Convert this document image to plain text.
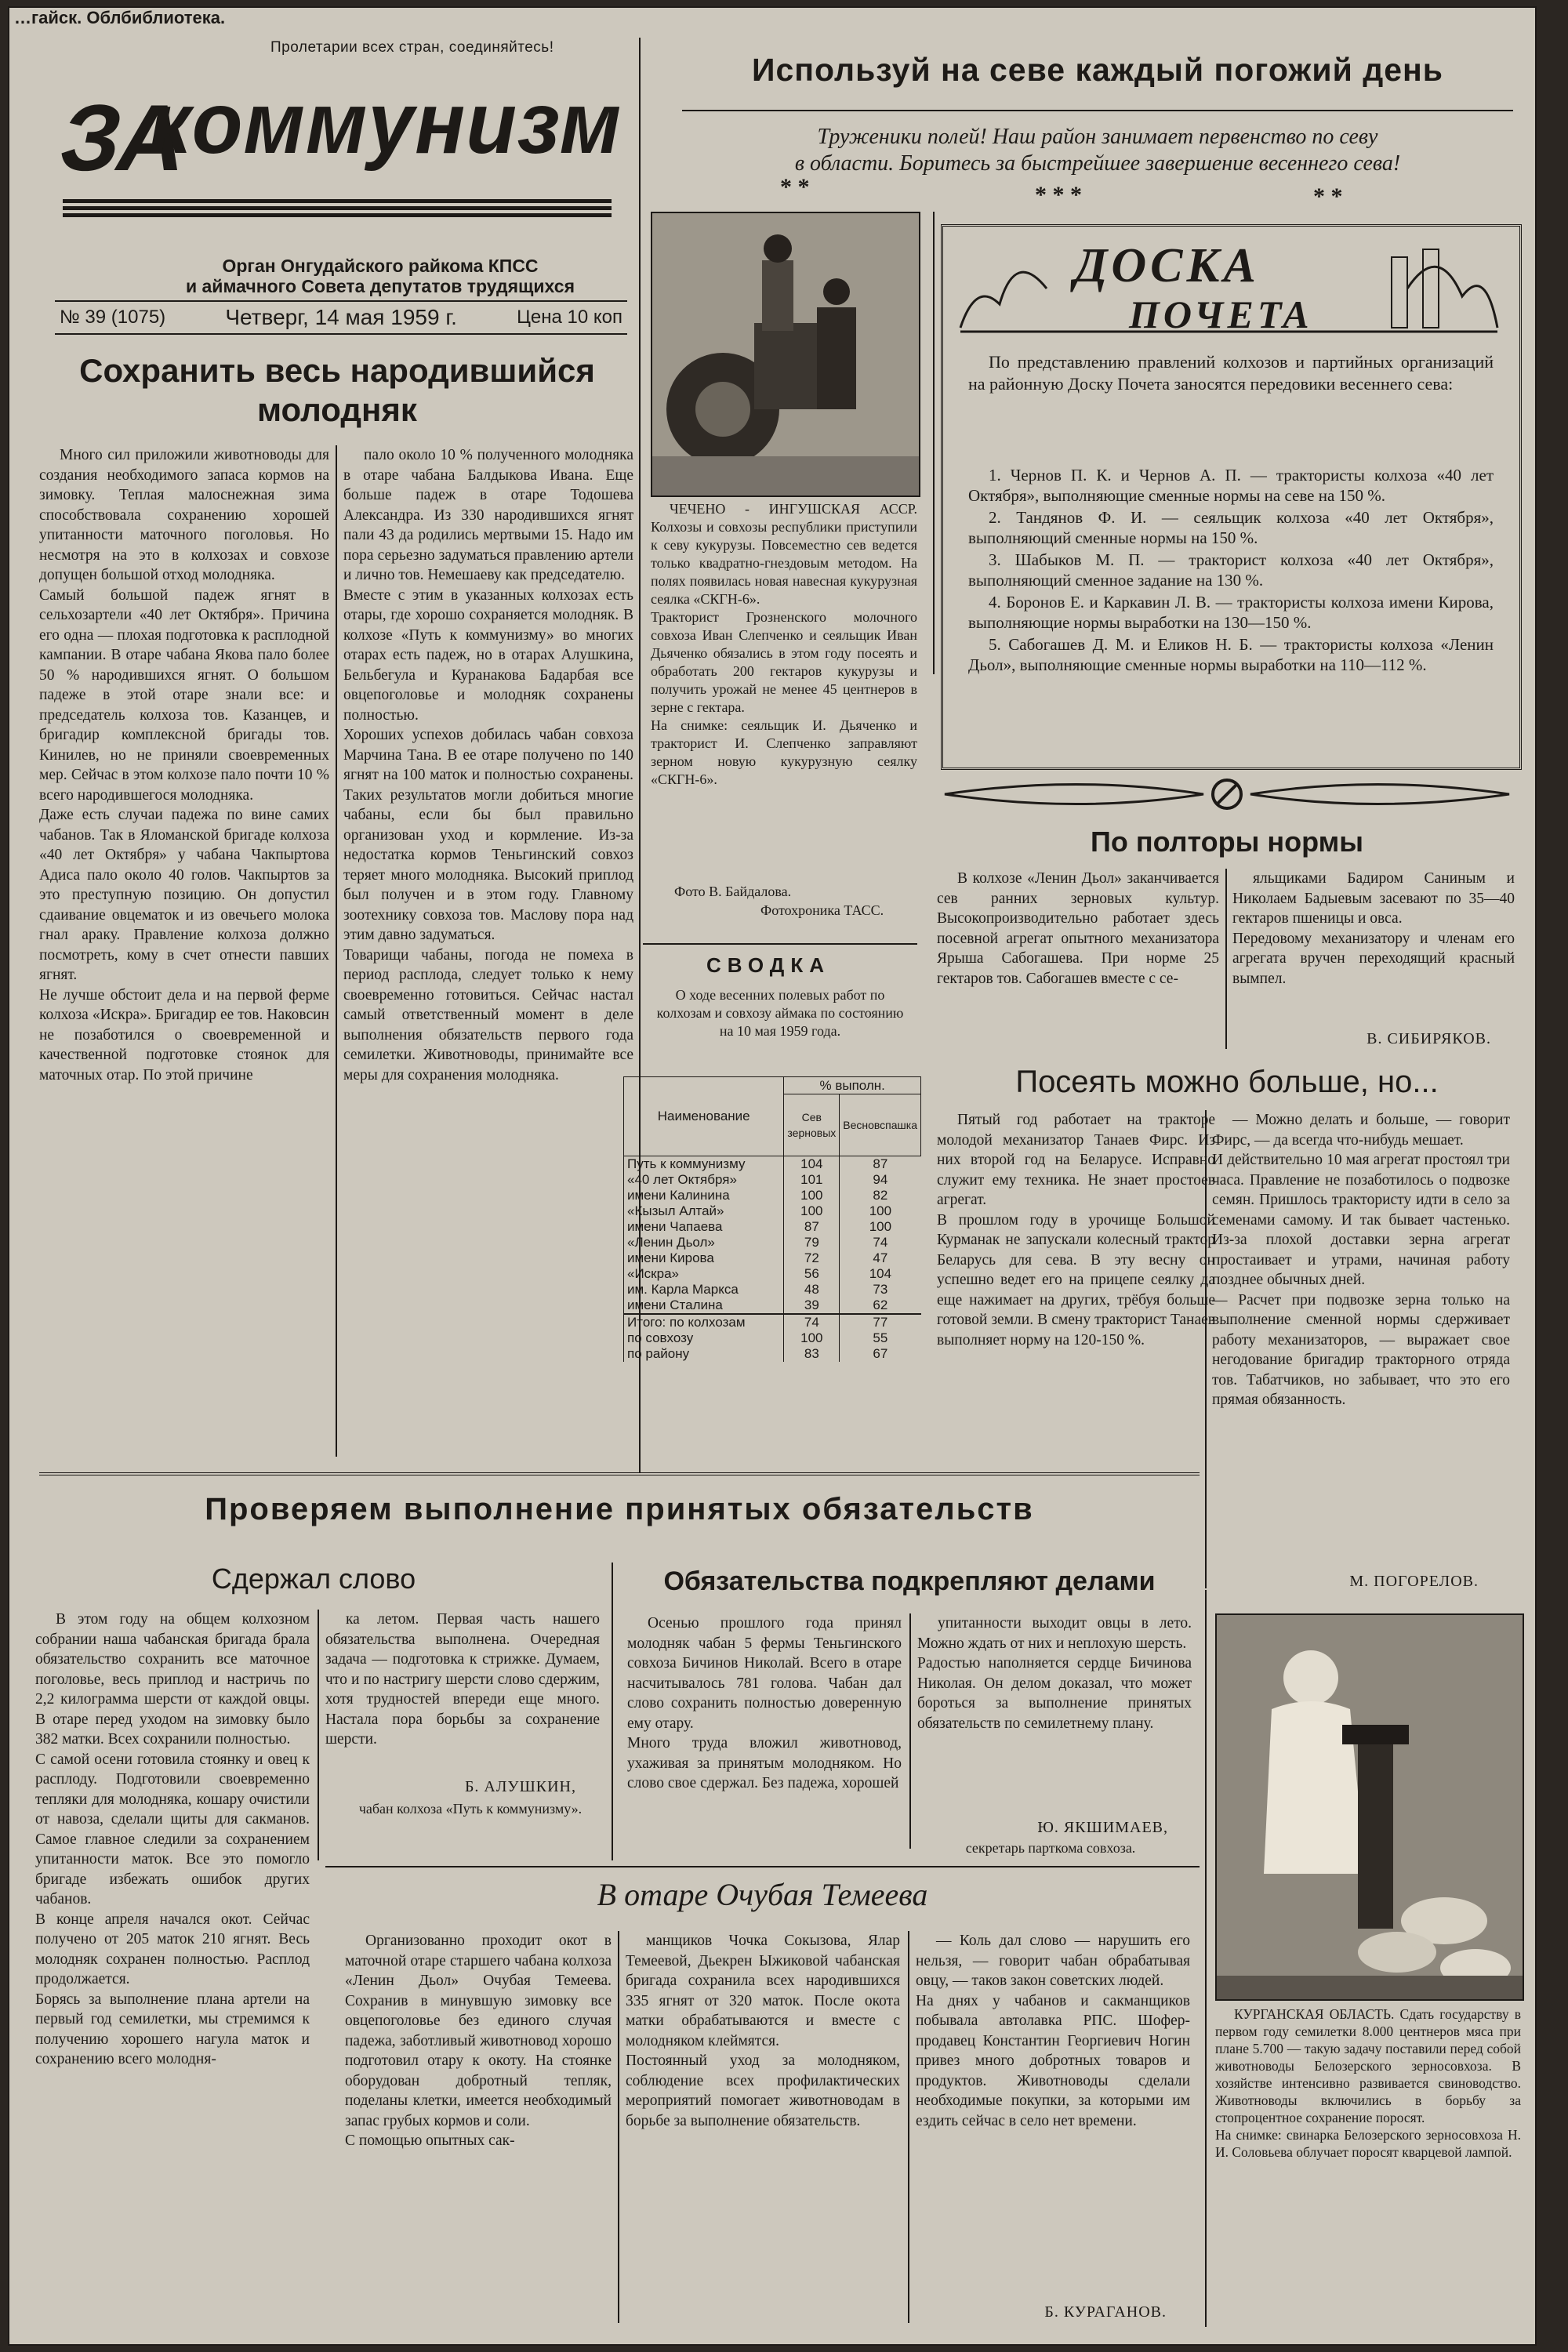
…гайск. Облбиблиотека.
Пролетарии всех стран, соединяйтесь!
ЗА
коммунизм
Орган Онгудайского райкома КПСС
и аймачного Совета депутатов трудящихся
№ 39 (1075)	Четверг, 14 мая 1959 г.	Цена 10 коп
Используй на севе каждый погожий день
Труженики полей! Наш район занимает первенство по севу
в области. Боритесь за быстрейшее завершение весеннего сева!
* *	* * *	* *
Сохранить весь народившийся молодняк
Много сил приложили животноводы для создания необходимого запаса кормов на зимовку. Теплая малоснежная зима способствовала сохранению хорошей упитанности маточного поголовья. Но несмотря на это в колхозах и совхозе допущен большой отход молодняка.
Самый большой падеж ягнят в сельхозартели «40 лет Октября». Причина его одна — плохая подготовка к расплодной кампании. В отаре чабана Якова пало более 50 % народившихся ягнят. О большом падеже в этой отаре знали все: и председатель колхоза тов. Казанцев, и бригадир комплексной бригады тов. Кинилев, но не приняли своевременных мер. Сейчас в этом колхозе пало почти 10 % всего народившегося молодняка.
Даже есть случаи падежа по вине самих чабанов. Так в Яломанской бригаде колхоза «40 лет Октября» у чабана Чакпыртова Адиса пало около 40 голов. Чакпыртов за это преступную позицию. Он допустил сдаивание овцематок и из овечьего молока гнал араку. Правление колхоза должно посмотреть, кому в счет отнести павших ягнят.
Не лучше обстоит дела и на первой ферме колхоза «Искра». Бригадир ее тов. Наковсин не позаботился о своевременной и качественной подготовке стоянок для маточных отар. По этой причине
пало около 10 % полученного молодняка в отаре чабана Балдыкова Ивана. Еще больше падеж в отаре Тодошева Александра. Из 330 народившихся ягнят пали 43 да родились мертвыми 15. Надо им пора серьезно задуматься правлению артели и лично тов. Немешаеву как председателю.
Вместе с этим в указанных колхозах есть отары, где хорошо сохраняется молодняк. В колхозе «Путь к коммунизму» во многих отарах есть падеж, но в отарах Алушкина, Бельбегула и Куранакова Бадарбая все овцепоголовье и молодняк сохранены полностью.
Хороших успехов добилась чабан совхоза Марчина Тана. В ее отаре получено по 140 ягнят на 100 маток и полностью сохранены. Таких результатов могли добиться многие чабаны, если бы был правильно организован уход и кормление. Из-за недостатка кормов Теньгинский совхоз теряет много молодняка. Высокий приплод был получен и в этом году. Главному зоотехнику совхоза тов. Маслову пора над этим давно задуматься.
Товарищи чабаны, погода не помеха в период расплода, следует только к нему своевременно готовиться. Сейчас настал самый ответственный момент в деле выполнения обязательств первого года семилетки. Животноводы, принимайте все меры для сохранения молодняка.
ЧЕЧЕНО - ИНГУШСКАЯ АССР. Колхозы и совхозы республики приступили к севу кукурузы. Повсеместно сев ведется только квадратно-гнездовым методом. На полях появилась новая навесная кукурузная сеялка «СКГН-6».
Тракторист Грозненского молочного совхоза Иван Слепченко и сеяльщик Иван Дьяченко обязались в этом году посеять и обработать 200 гектаров кукурузы и получить урожай не менее 45 центнеров в зерне с гектара.
На снимке: сеяльщик И. Дьяченко и тракторист И. Слепченко заправляют зерном новую кукурузную сеялку «СКГН-6».
Фото В. Байдалова.
Фотохроника ТАСС.
СВОДКА
О ходе весенних полевых работ по колхозам и совхозу аймака по состоянию на 10 мая 1959 года.
Наименование	% выполн.	
	Сев зерновых	Весновспашка
Путь к коммунизму	104	87
«40 лет Октября»	101	94
имени Калинина	100	82
«Кызыл Алтай»	100	100
имени Чапаева	87	100
«Ленин Дьол»	79	74
имени Кирова	72	47
«Искра»	56	104
им. Карла Маркса	48	73
имени Сталина	39	62
Итого: по колхозам	74	77
по совхозу	100	55
по району	83	67
ДОСКА
ПОЧЕТА
По представлению правлений колхозов и партийных организаций на районную Доску Почета заносятся передовики весеннего сева:
1. Чернов П. К. и Чернов А. П. — трактористы колхоза «40 лет Октября», выполняющие сменные нормы на севе на 150 %.
2. Тандянов Ф. И. — сеяльщик колхоза «40 лет Октября», выполняющий сменные нормы на 150 %.
3. Шабыков М. П. — тракторист колхоза «40 лет Октября», выполняющий сменное задание на 130 %.
4. Боронов Е. и Каркавин Л. В. — трактористы колхоза имени Кирова, выполняющие нормы выработки на 130—150 %.
5. Сабогашев Д. М. и Еликов Н. Б. — трактористы колхоза «Ленин Дьол», выполняющие сменные нормы выработки на 110—112 %.
По полторы нормы
В колхозе «Ленин Дьол» заканчивается сев ранних зерновых культур. Высокопроизводительно работает здесь посевной агрегат опытного механизатора Ярыша Сабогашева. При норме 25 гектаров тов. Сабогашев вместе с се-
яльщиками Бадиром Саниным и Николаем Бадыевым засевают по 35—40 гектаров пшеницы и овса.
Передовому механизатору и членам его агрегата вручен переходящий красный вымпел.
В. СИБИРЯКОВ.
Посеять можно больше, но...
Пятый год работает на тракторе молодой механизатор Танаев Фирс. Из них второй год на Беларусе. Исправно служит ему техника. Не знает простоев агрегат.
В прошлом году в урочище Большой Курманак не запускали колесный трактор Беларусь для сева. В эту весну он успешно ведет его на прицепе сеялку да еще нажимает на других, трёбуя больше готовой земли. В смену тракторист Танаев выполняет норму на 120-150 %.
— Можно делать и больше, — говорит Фирс, — да всегда что-нибудь мешает.
И действительно 10 мая агрегат простоял три часа. Правление не позаботилось о подвозке семян. Пришлось трактористу идти в село за семенами самому. И так бывает частенько. Из-за плохой доставки зерна агрегат простаивает и утрами, начиная работу позднее обычных дней.
— Расчет при подвозке зерна только на выполнение сменной нормы сдерживает работу механизаторов, — выражает свое негодование бригадир тракторного отряда тов. Табатчиков, но забывает, что это его прямая обязанность.
М. ПОГОРЕЛОВ.
Проверяем выполнение принятых обязательств
Сдержал слово
В этом году на общем колхозном собрании наша чабанская бригада брала обязательство сохранить все маточное поголовье, весь приплод и настричь по 2,2 килограмма шерсти от каждой овцы. В отаре перед уходом на зимовку было 382 матки. Всех сохранили полностью.
С самой осени готовила стоянку и овец к расплоду. Подготовили своевременно тепляки для молодняка, кошару очистили от навоза, сделали щиты для сакманов. Самое главное следили за сохранением упитанности маток. Все это помогло бригаде избежать ошибок других чабанов.
В конце апреля начался окот. Сейчас получено от 205 маток 210 ягнят. Весь молодняк сохранен полностью. Расплод продолжается.
Борясь за выполнение плана артели на первый год семилетки, мы стремимся к получению хорошего нагула маток и сохранению всего молодня-
ка летом. Первая часть нашего обязательства выполнена. Очередная задача — подготовка к стрижке. Думаем, что и по настригу шерсти слово сдержим, хотя трудностей впереди еще много. Настала пора борьбы за сохранение шерсти.
Б. АЛУШКИН,
чабан колхоза «Путь к коммунизму».
Обязательства подкрепляют делами
Осенью прошлого года принял молодняк чабан 5 фермы Теньгинского совхоза Бичинов Николай. Всего в отаре насчитывалось 781 голова. Чабан дал слово сохранить полностью доверенную ему отару.
Много труда вложил животновод, ухаживая за принятым молодняком. Но слово свое сдержал. Без падежа, хорошей
упитанности выходит овцы в лето. Можно ждать от них и неплохую шерсть.
Радостью наполняется сердце Бичинова Николая. Он делом доказал, что может бороться за выполнение принятых обязательств по семилетнему плану.
Ю. ЯКШИМАЕВ,
секретарь парткома совхоза.
В отаре Очубая Темеева
Организованно проходит окот в маточной отаре старшего чабана колхоза «Ленин Дьол» Очубая Темеева. Сохранив в минувшую зимовку все овцепоголовье без единого случая падежа, заботливый животновод хорошо подготовил отару к окоту. На стоянке оборудован добротный тепляк, поделаны клетки, имеется необходимый запас грубых кормов и соли.
С помощью опытных сак-
манщиков Чочка Сокызова, Ялар Темеевой, Дьекрен Ыжиковой чабанская бригада сохранила всех народившихся 335 ягнят от 320 маток. После окота матки обрабатываются и вместе с молодняком клеймятся.
Постоянный уход за молодняком, соблюдение всех профилактических мероприятий помогает животноводам в борьбе за выполнение обязательств.
— Коль дал слово — нарушить его нельзя, — говорит чабан обрабатывая овцу, — таков закон советских людей.
На днях у чабанов и сакманщиков побывала автолавка РПС. Шофер-продавец Константин Георгиевич Ногин привез много добротных товаров и продуктов. Животноводы сделали необходимые покупки, за которыми им ездить сейчас в село нет времени.
Б. КУРАГАНОВ.
КУРГАНСКАЯ ОБЛАСТЬ. Сдать государству в первом году семилетки 8.000 центнеров мяса при плане 5.700 — такую задачу поставили перед собой животноводы Белозерского зерносовхоза. В хозяйстве интенсивно развивается свиноводство. Животноводы включились в борьбу за стопроцентное сохранение поросят.
На снимке: свинарка Белозерского зерносовхоза Н. И. Соловьева облучает поросят кварцевой лампой.
